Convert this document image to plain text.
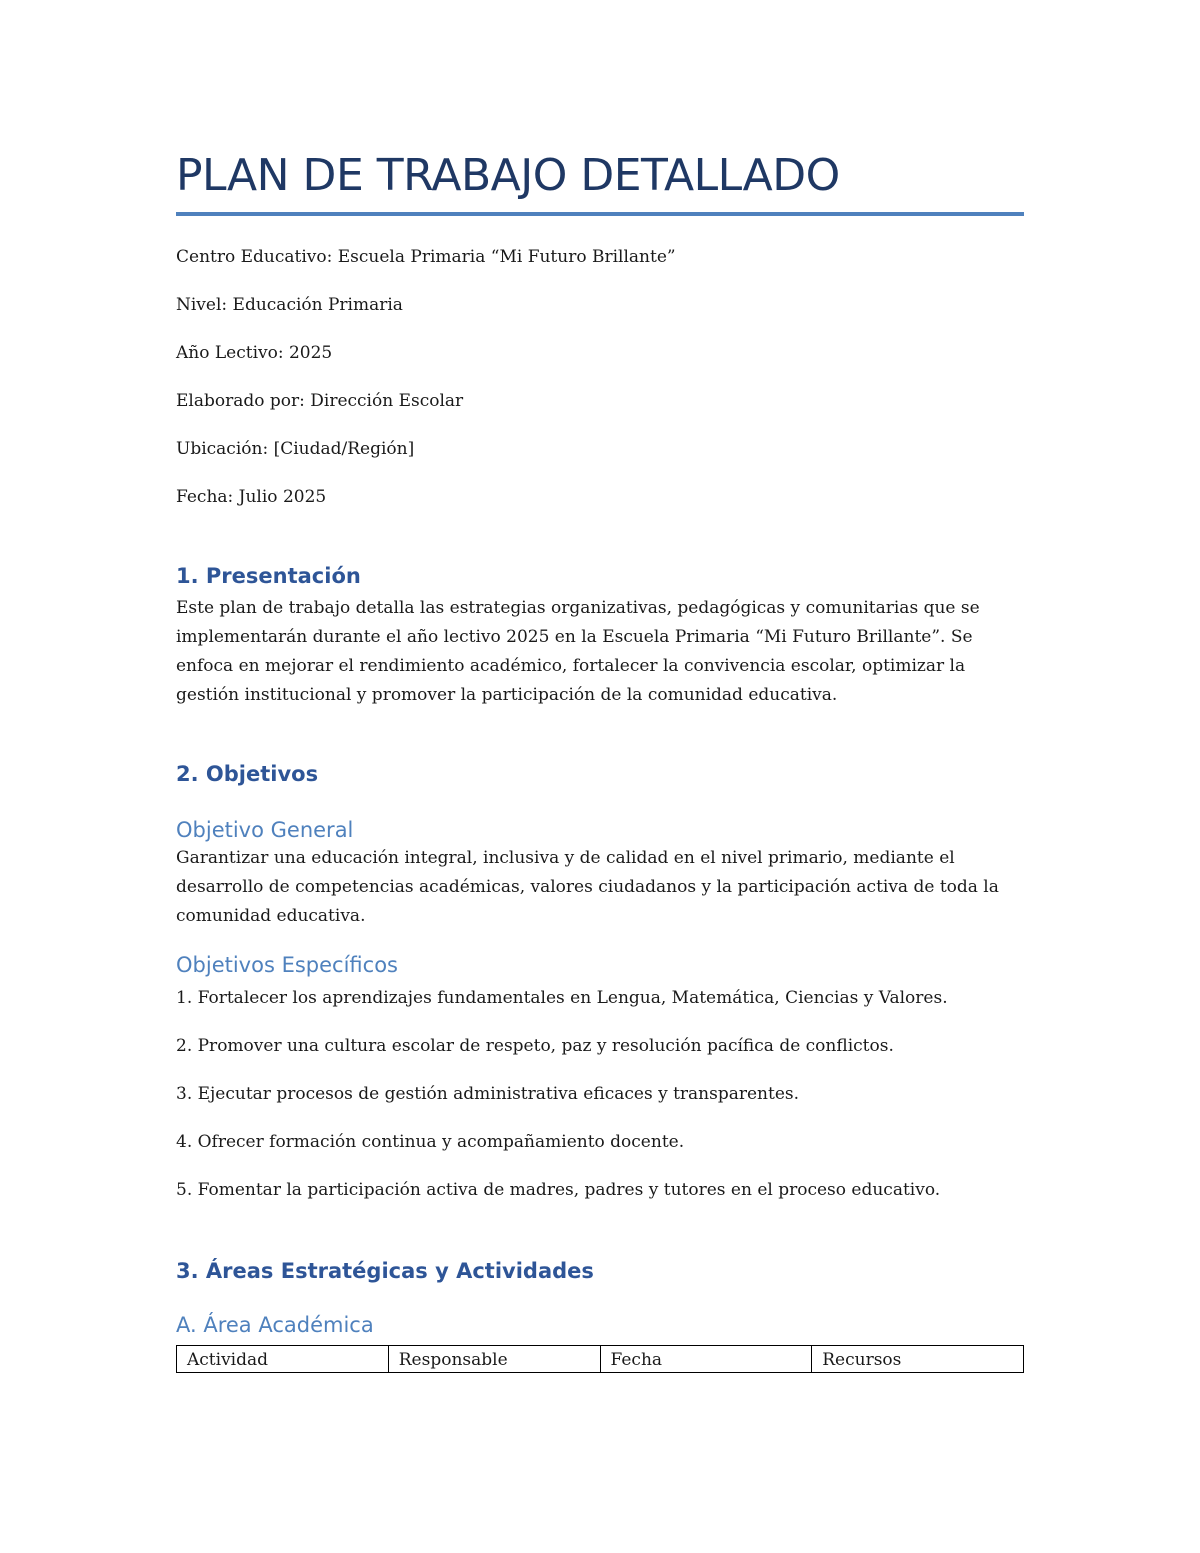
PLAN DE TRABAJO DETALLADO

Centro Educativo: Escuela Primaria “Mi Futuro Brillante”

Nivel: Educación Primaria

Año Lectivo: 2025

Elaborado por: Dirección Escolar

Ubicación: [Ciudad/Región]

Fecha: Julio 2025

1. Presentación

Este plan de trabajo detalla las estrategias organizativas, pedagógicas y comunitarias que se implementarán durante el año lectivo 2025 en la Escuela Primaria “Mi Futuro Brillante”. Se enfoca en mejorar el rendimiento académico, fortalecer la convivencia escolar, optimizar la gestión institucional y promover la participación de la comunidad educativa.

2. Objetivos
Objetivo General

Garantizar una educación integral, inclusiva y de calidad en el nivel primario, mediante el desarrollo de competencias académicas, valores ciudadanos y la participación activa de toda la comunidad educativa.

Objetivos Específicos

1. Fortalecer los aprendizajes fundamentales en Lengua, Matemática, Ciencias y Valores.

2. Promover una cultura escolar de respeto, paz y resolución pacífica de conflictos.

3. Ejecutar procesos de gestión administrativa eficaces y transparentes.

4. Ofrecer formación continua y acompañamiento docente.

5. Fomentar la participación activa de madres, padres y tutores en el proceso educativo.

3. Áreas Estratégicas y Actividades
A. Área Académica
Actividad	Responsable	Fecha	Recursos
